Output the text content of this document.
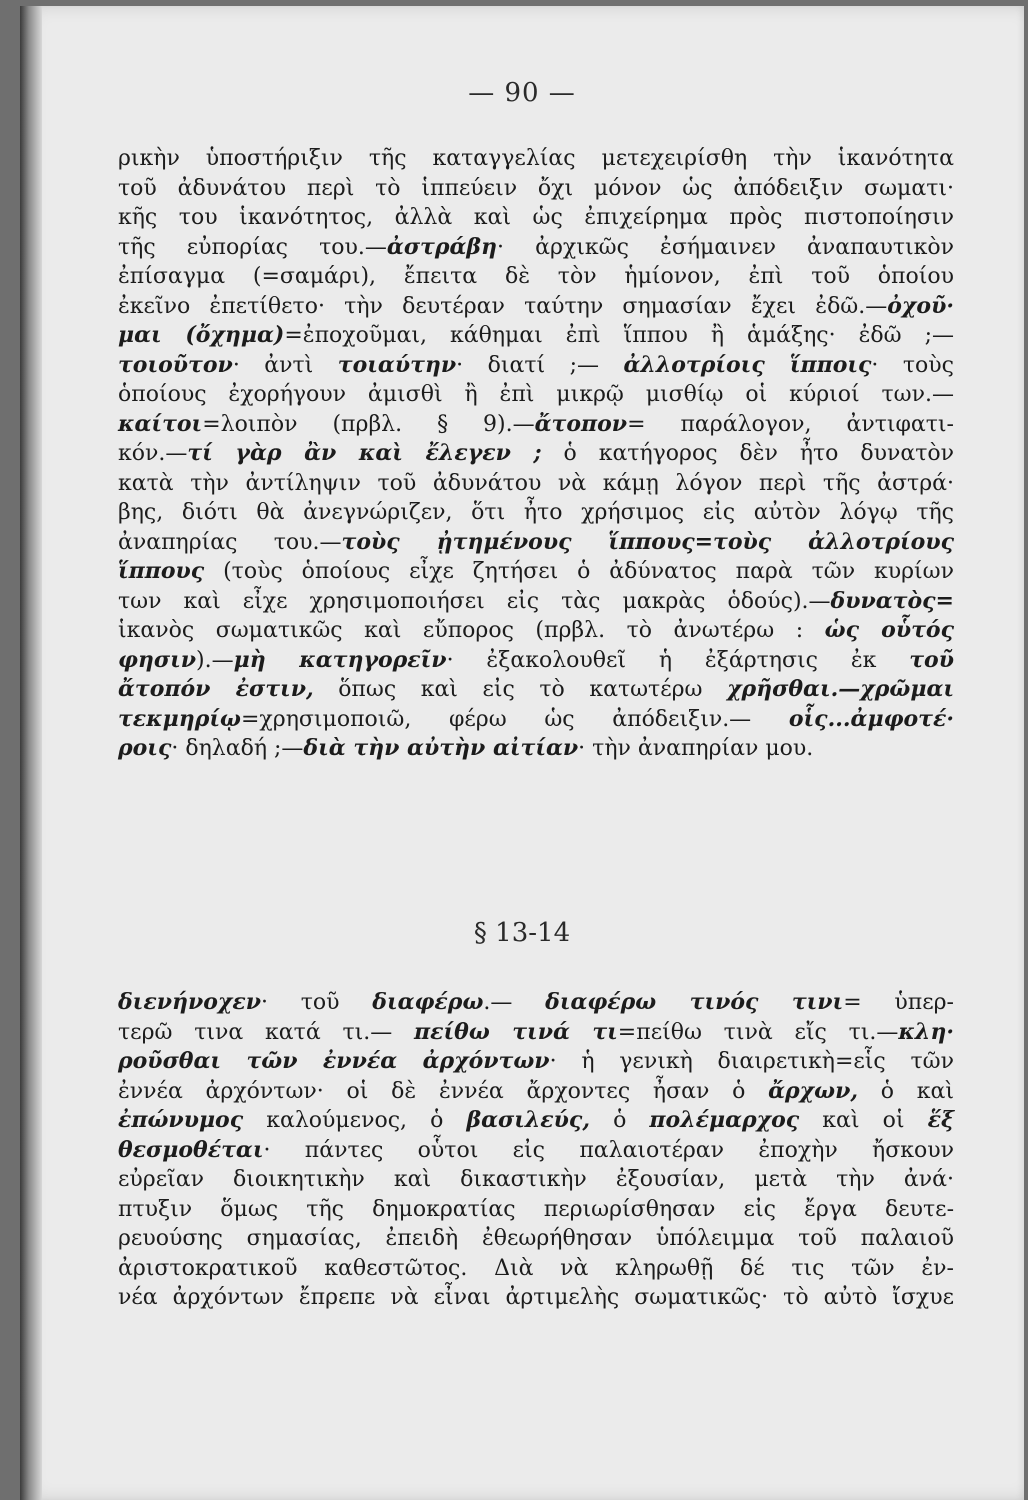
— 90 —
ρικὴν ὑποστήριξιν τῆς καταγγελίας μετεχειρίσθη τὴν ἱκανότητα
τοῦ ἀδυνάτου περὶ τὸ ἱππεύειν ὄχι μόνον ὡς ἀπόδειξιν σωματι·
κῆς του ἱκανότητος, ἀλλὰ καὶ ὡς ἐπιχείρημα πρὸς πιστοποίησιν
τῆς εὐπορίας του.—ἀστράβη· ἀρχικῶς ἐσήμαινεν ἀναπαυτικὸν
ἐπίσαγμα (=σαμάρι), ἔπειτα δὲ τὸν ἡμίονον, ἐπὶ τοῦ ὁποίου
ἐκεῖνο ἐπετίθετο· τὴν δευτέραν ταύτην σημασίαν ἔχει ἐδῶ.—ὀχοῦ·
μαι (ὄχημα)=ἐποχοῦμαι, κάθημαι ἐπὶ ἵππου ἢ ἁμάξης· ἐδῶ ;—
τοιοῦτον· ἀντὶ τοιαύτην· διατί ;— ἀλλοτρίοις ἵπποις· τοὺς
ὁποίους ἐχορήγουν ἀμισθὶ ἢ ἐπὶ μικρῷ μισθίῳ οἱ κύριοί των.—
καίτοι=λοιπὸν (πρβλ. § 9).—ἄτοπον= παράλογον, ἀντιφατι-
κόν.—τί γὰρ ἂν καὶ ἔλεγεν ; ὁ κατήγορος δὲν ἦτο δυνατὸν
κατὰ τὴν ἀντίληψιν τοῦ ἀδυνάτου νὰ κάμῃ λόγον περὶ τῆς ἀστρά·
βης, διότι θὰ ἀνεγνώριζεν, ὅτι ἦτο χρήσιμος εἰς αὐτὸν λόγῳ τῆς
ἀναπηρίας του.—τοὺς ᾐτημένους ἵππους=τοὺς ἀλλοτρίους
ἵππους (τοὺς ὁποίους εἶχε ζητήσει ὁ ἀδύνατος παρὰ τῶν κυρίων
των καὶ εἶχε χρησιμοποιήσει εἰς τὰς μακρὰς ὁδούς).—δυνατὸς=
ἱκανὸς σωματικῶς καὶ εὔπορος (πρβλ. τὸ ἀνωτέρω : ὡς οὗτός
φησιν).—μὴ κατηγορεῖν· ἐξακολουθεῖ ἡ ἐξάρτησις ἐκ τοῦ
ἄτοπόν ἐστιν, ὅπως καὶ εἰς τὸ κατωτέρω χρῆσθαι.—χρῶμαι
τεκμηρίῳ=χρησιμοποιῶ, φέρω ὡς ἀπόδειξιν.— οἷς...ἀμφοτέ·
ροις· δηλαδή ;—διὰ τὴν αὐτὴν αἰτίαν· τὴν ἀναπηρίαν μου.
§ 13-14
διενήνοχεν· τοῦ διαφέρω.— διαφέρω τινός τινι= ὑπερ-
τερῶ τινα κατά τι.— πείθω τινά τι=πείθω τινὰ εἴς τι.—κλη·
ροῦσθαι τῶν ἐννέα ἀρχόντων· ἡ γενικὴ διαιρετικὴ=εἷς τῶν
ἐννέα ἀρχόντων· οἱ δὲ ἐννέα ἄρχοντες ἦσαν ὁ ἄρχων, ὁ καὶ
ἐπώνυμος καλούμενος, ὁ βασιλεύς, ὁ πολέμαρχος καὶ οἱ ἕξ
θεσμοθέται· πάντες οὗτοι εἰς παλαιοτέραν ἐποχὴν ἤσκουν
εὐρεῖαν διοικητικὴν καὶ δικαστικὴν ἐξουσίαν, μετὰ τὴν ἀνά·
πτυξιν ὅμως τῆς δημοκρατίας περιωρίσθησαν εἰς ἔργα δευτε-
ρευούσης σημασίας, ἐπειδὴ ἐθεωρήθησαν ὑπόλειμμα τοῦ παλαιοῦ
ἀριστοκρατικοῦ καθεστῶτος. Διὰ νὰ κληρωθῇ δέ τις τῶν ἐν-
νέα ἀρχόντων ἔπρεπε νὰ εἶναι ἀρτιμελὴς σωματικῶς· τὸ αὐτὸ ἴσχυε
